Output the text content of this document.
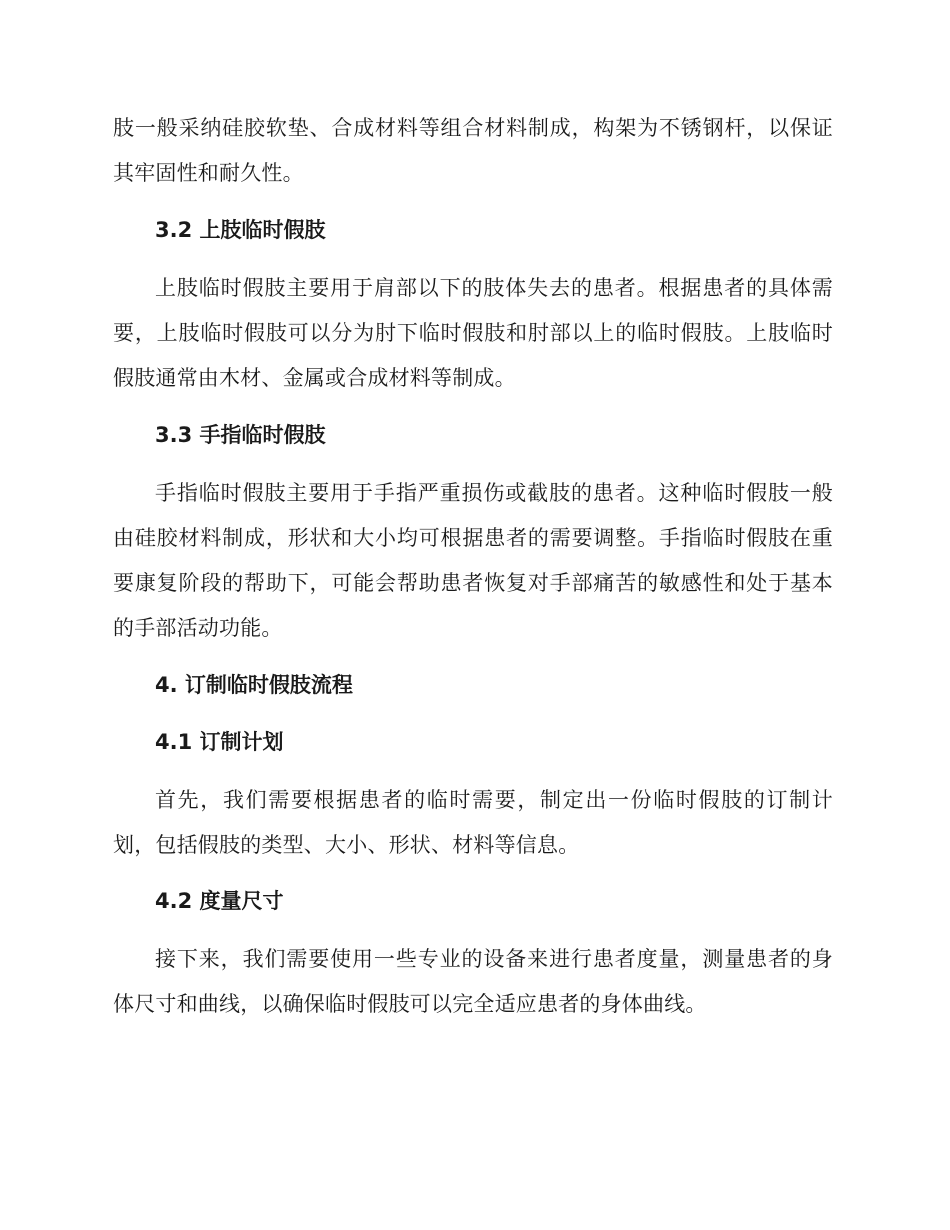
肢一般采纳硅胶软垫、合成材料等组合材料制成，构架为不锈钢杆，以保证其牢固性和耐久性。

3.2 上肢临时假肢

上肢临时假肢主要用于肩部以下的肢体失去的患者。根据患者的具体需要，上肢临时假肢可以分为肘下临时假肢和肘部以上的临时假肢。上肢临时假肢通常由木材、金属或合成材料等制成。

3.3 手指临时假肢

手指临时假肢主要用于手指严重损伤或截肢的患者。这种临时假肢一般由硅胶材料制成，形状和大小均可根据患者的需要调整。手指临时假肢在重要康复阶段的帮助下，可能会帮助患者恢复对手部痛苦的敏感性和处于基本的手部活动功能。

4. 订制临时假肢流程
4.1 订制计划

首先，我们需要根据患者的临时需要，制定出一份临时假肢的订制计划，包括假肢的类型、大小、形状、材料等信息。

4.2 度量尺寸

接下来，我们需要使用一些专业的设备来进行患者度量，测量患者的身体尺寸和曲线，以确保临时假肢可以完全适应患者的身体曲线。
